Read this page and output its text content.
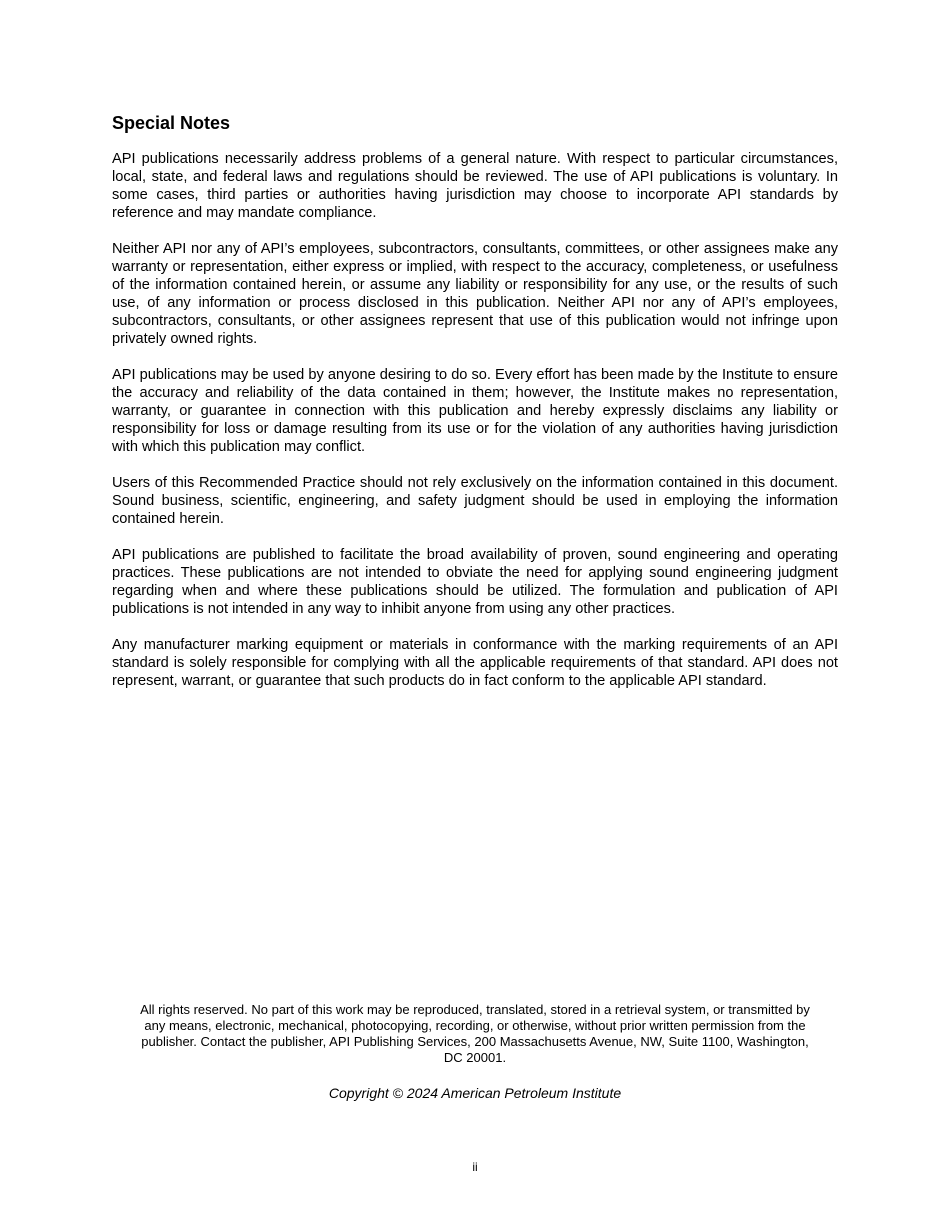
Special Notes

API publications necessarily address problems of a general nature. With respect to particular circumstances, local, state, and federal laws and regulations should be reviewed. The use of API publications is voluntary. In some cases, third parties or authorities having jurisdiction may choose to incorporate API standards by reference and may mandate compliance.

Neither API nor any of API’s employees, subcontractors, consultants, committees, or other assignees make any warranty or representation, either express or implied, with respect to the accuracy, completeness, or usefulness of the information contained herein, or assume any liability or responsibility for any use, or the results of such use, of any information or process disclosed in this publication. Neither API nor any of API’s employees, subcontractors, consultants, or other assignees represent that use of this publication would not infringe upon privately owned rights.

API publications may be used by anyone desiring to do so. Every effort has been made by the Institute to ensure the accuracy and reliability of the data contained in them; however, the Institute makes no representation, warranty, or guarantee in connection with this publication and hereby expressly disclaims any liability or responsibility for loss or damage resulting from its use or for the violation of any authorities having jurisdiction with which this publication may conflict.

Users of this Recommended Practice should not rely exclusively on the information contained in this document. Sound business, scientific, engineering, and safety judgment should be used in employing the information contained herein.

API publications are published to facilitate the broad availability of proven, sound engineering and operating practices. These publications are not intended to obviate the need for applying sound engineering judgment regarding when and where these publications should be utilized. The formulation and publication of API publications is not intended in any way to inhibit anyone from using any other practices.

Any manufacturer marking equipment or materials in conformance with the marking requirements of an API standard is solely responsible for complying with all the applicable requirements of that standard. API does not represent, warrant, or guarantee that such products do in fact conform to the applicable API standard.

All rights reserved. No part of this work may be reproduced, translated, stored in a retrieval system, or transmitted by any means, electronic, mechanical, photocopying, recording, or otherwise, without prior written permission from the publisher. Contact the publisher, API Publishing Services, 200 Massachusetts Avenue, NW, Suite 1100, Washington, DC 20001.
Copyright © 2024 American Petroleum Institute
ii
